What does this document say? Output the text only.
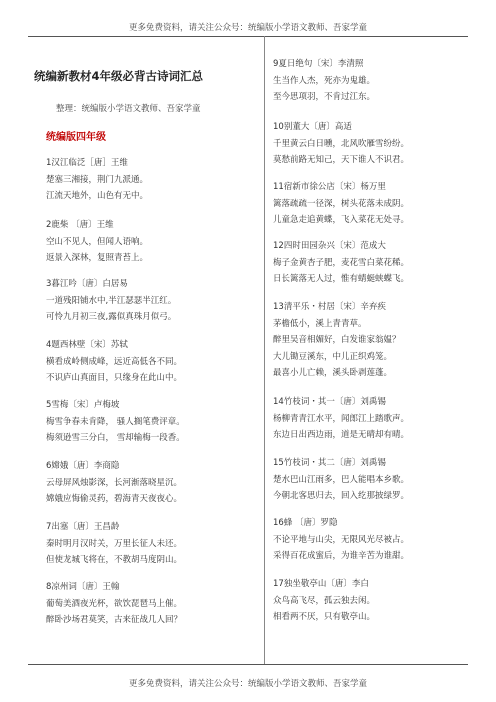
更多免费资料，请关注公众号：统编版小学语文教师、吾家学童
统编新教材4年级必背古诗词汇总
整理：统编版小学语文教师、吾家学童
统编版四年级
1汉江临泛［唐］王维
楚塞三湘接，荆门九派通。
江流天地外，山色有无中。
2鹿柴 〔唐〕王维
空山不见人，但闻人语响。
返景入深林，复照青苔上。
3暮江吟〔唐〕白居易
一道残阳铺水中,半江瑟瑟半江红。
可怜九月初三夜,露似真珠月似弓。
4题西林壁〔宋〕苏轼
横看成岭侧成峰，远近高低各不同。
不识庐山真面目，只缘身在此山中。
5雪梅〔宋〕卢梅坡
梅雪争春未肯降， 骚人搁笔费评章。
梅须逊雪三分白， 雪却输梅一段香。
6嫦娥〔唐〕李商隐
云母屏风烛影深，长河渐落晓星沉。
嫦娥应悔偷灵药，碧海青天夜夜心。
7出塞〔唐〕王昌龄
秦时明月汉时关，万里长征人未还。
但使龙城飞将在，不教胡马度阴山。
8凉州词〔唐〕王翰
葡萄美酒夜光杯，欲饮琵琶马上催。
醉卧沙场君莫笑，古来征战几人回？
9夏日绝句〔宋〕李清照
生当作人杰，死亦为鬼雄。
至今思项羽，不肯过江东。
10别董大〔唐〕高适
千里黄云白日曛，北风吹雁雪纷纷。
莫愁前路无知己，天下谁人不识君。
11宿新市徐公店〔宋〕杨万里
篱落疏疏一径深，树头花落未成阴。
儿童急走追黄蝶，飞入菜花无处寻。
12四时田园杂兴〔宋〕范成大
梅子金黄杏子肥，麦花雪白菜花稀。
日长篱落无人过，惟有蜻蜓蛱蝶飞。
13清平乐・村居〔宋〕辛弃疾
茅檐低小，溪上青青草。
醉里吴音相媚好，白发谁家翁媪？
大儿锄豆溪东，中儿正织鸡笼。
最喜小儿亡赖，溪头卧剥莲蓬。
14竹枝词・其一〔唐〕刘禹锡
杨柳青青江水平，闻郎江上踏歌声。
东边日出西边雨，道是无晴却有晴。
15竹枝词・其二〔唐〕刘禹锡
楚水巴山江雨多，巴人能唱本乡歌。
今朝北客思归去，回入纥那披绿罗。
16蜂 〔唐〕罗隐
不论平地与山尖，无限风光尽被占。
采得百花成蜜后，为谁辛苦为谁甜。
17独坐敬亭山〔唐〕李白
众鸟高飞尽，孤云独去闲。
相看两不厌，只有敬亭山。
更多免费资料，请关注公众号：统编版小学语文教师、吾家学童
